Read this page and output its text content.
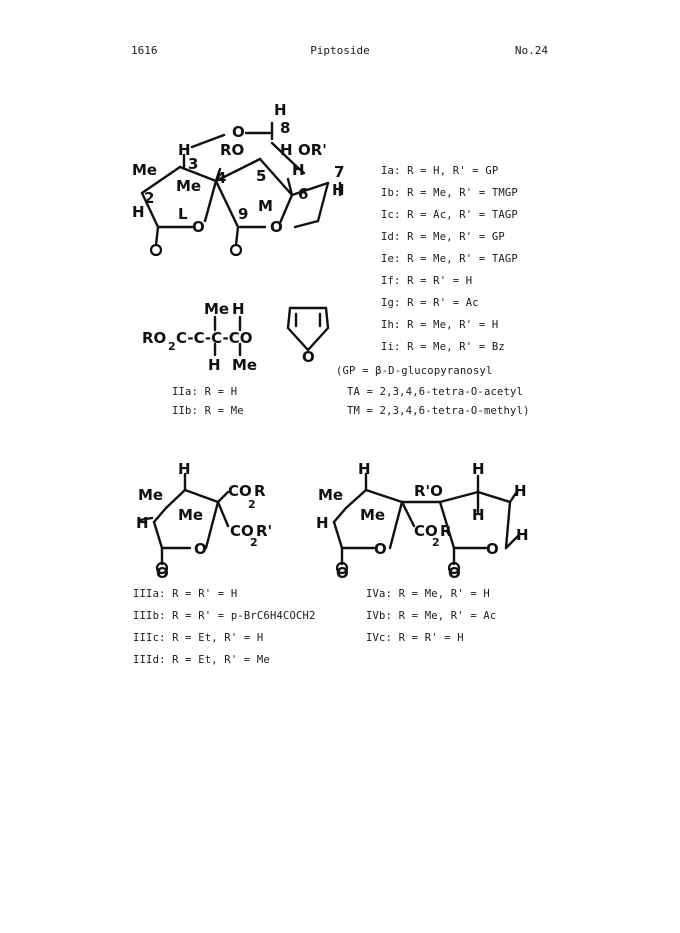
1616	Piptoside	No.24
O
H
8
RO H OR'
H
3
Me
Me 4 5 H 7
2
H
6 H
L	M
9
O	O
Ia: R = H, R' = GP
Ib: R = Me, R' = TMGP
Ic: R = Ac, R' = TAGP
Id: R = Me, R' = GP
Ie: R = Me, R' = TAGP
If: R = R' = H
Ig: R = R' = Ac
Ih: R = Me, R' = H
Ii: R = Me, R' = Bz
Me H
RO 2 C-C-C-CO
H Me	O
IIa: R = H
IIb: R = Me
(GP = β-D-glucopyranosyl
TA = 2,3,4,6-tetra-O-acetyl
TM = 2,3,4,6-tetra-O-methyl)
H
Me	CO R
2
Me
H	CO R'
2
O
O
IIIa: R = R' = H
IIIb: R = R' = p-BrC6H4COCH2
IIIc: R = Et, R' = H
IIId: R = Et, R' = Me
Me
H
R'O
H
H
Me	H
CO R
2
H
H
O	O
O	O
IVa: R = Me, R' = H
IVb: R = Me, R' = Ac
IVc: R = R' = H
